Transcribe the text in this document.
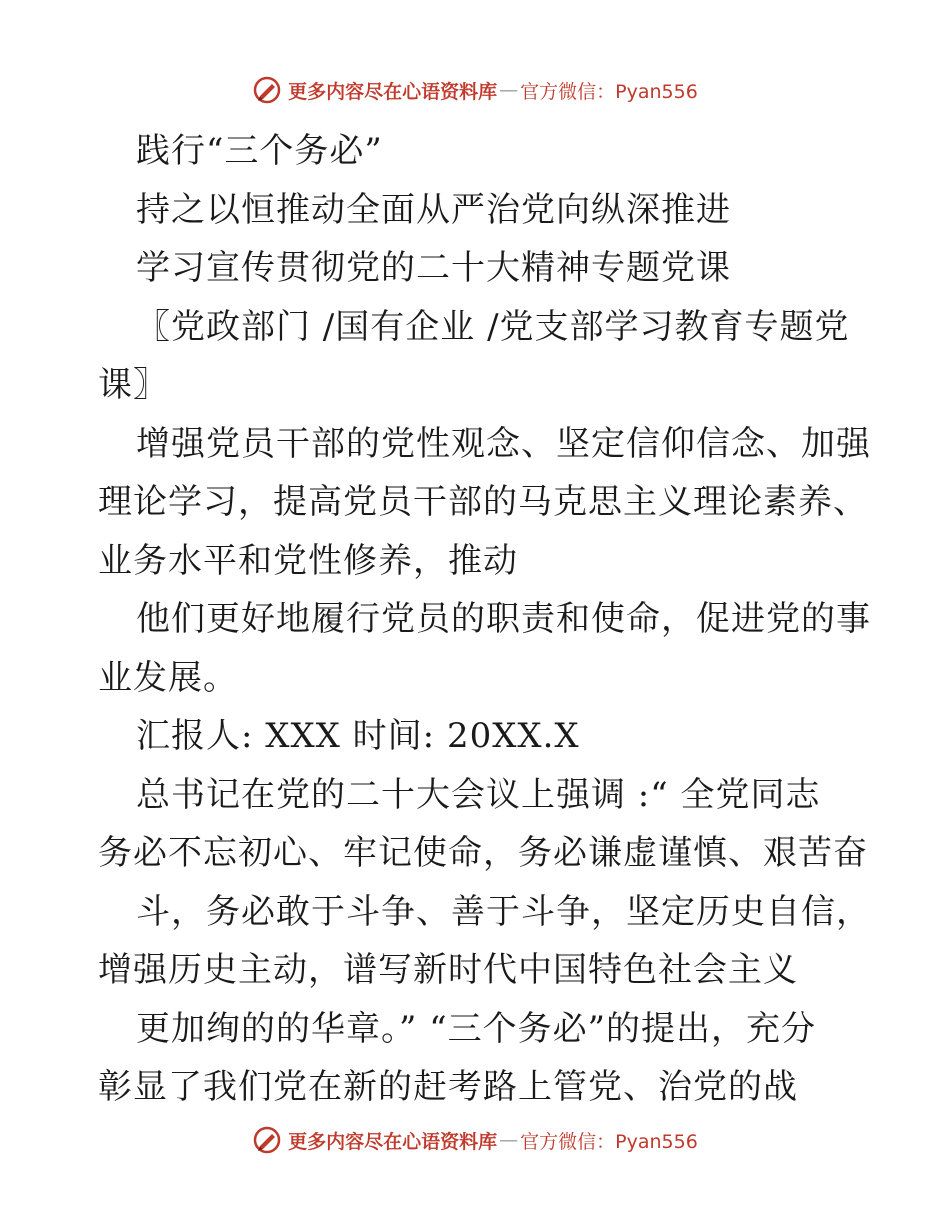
更多内容尽在心语资料库 — 官方微信：Pyan556
践行“三个务必”
持之以恒推动全面从严治党向纵深推进
学习宣传贯彻党的二十大精神专题党课
〖党政部门 /国有企业 /党支部学习教育专题党
课〗
增强党员干部的党性观念、坚定信仰信念、加强
理论学习，提高党员干部的马克思主义理论素养、
业务水平和党性修养，推动
他们更好地履行党员的职责和使命，促进党的事
业发展。
汇报人: XXX 时间: 20XX.X
总书记在党的二十大会议上强调 :“ 全党同志
务必不忘初心、牢记使命，务必谦虚谨慎、艰苦奋
斗，务必敢于斗争、善于斗争，坚定历史自信，
增强历史主动，谱写新时代中国特色社会主义
更加绚的的华章。” “三个务必”的提出，充分
彰显了我们党在新的赶考路上管党、治党的战
更多内容尽在心语资料库 — 官方微信：Pyan556
